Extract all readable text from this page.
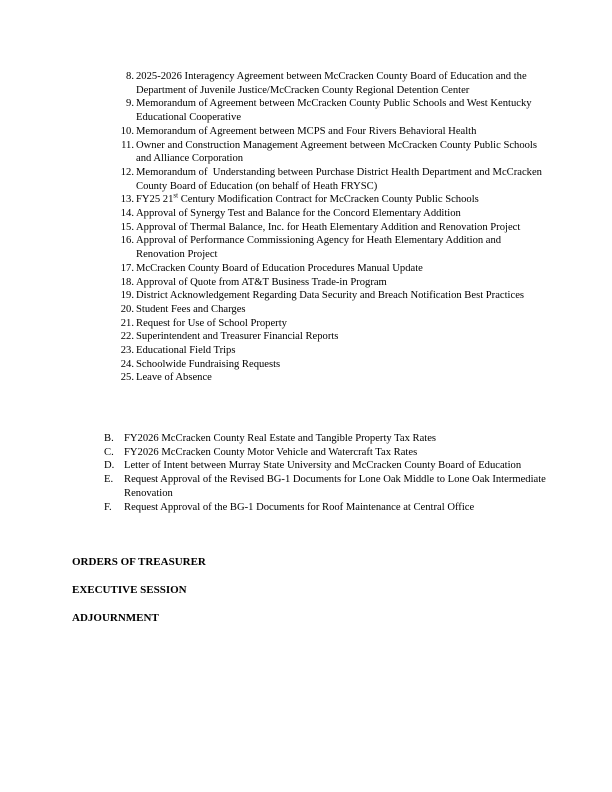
8. 2025-2026 Interagency Agreement between McCracken County Board of Education and the Department of Juvenile Justice/McCracken County Regional Detention Center
9. Memorandum of Agreement between McCracken County Public Schools and West Kentucky Educational Cooperative
10. Memorandum of Agreement between MCPS and Four Rivers Behavioral Health
11. Owner and Construction Management Agreement between McCracken County Public Schools and Alliance Corporation
12. Memorandum of  Understanding between Purchase District Health Department and McCracken County Board of Education (on behalf of Heath FRYSC)
13. FY25 21st Century Modification Contract for McCracken County Public Schools
14. Approval of Synergy Test and Balance for the Concord Elementary Addition
15. Approval of Thermal Balance, Inc. for Heath Elementary Addition and Renovation Project
16. Approval of Performance Commissioning Agency for Heath Elementary Addition and Renovation Project
17. McCracken County Board of Education Procedures Manual Update
18. Approval of Quote from AT&T Business Trade-in Program
19. District Acknowledgement Regarding Data Security and Breach Notification Best Practices
20. Student Fees and Charges
21. Request for Use of School Property
22. Superintendent and Treasurer Financial Reports
23. Educational Field Trips
24. Schoolwide Fundraising Requests
25. Leave of Absence
B. FY2026 McCracken County Real Estate and Tangible Property Tax Rates
C. FY2026 McCracken County Motor Vehicle and Watercraft Tax Rates
D. Letter of Intent between Murray State University and McCracken County Board of Education
E.	Request Approval of the Revised BG-1 Documents for Lone Oak Middle to Lone Oak Intermediate Renovation
F.	Request Approval of the BG-1 Documents for Roof Maintenance at Central Office
ORDERS OF TREASURER
EXECUTIVE SESSION
ADJOURNMENT
